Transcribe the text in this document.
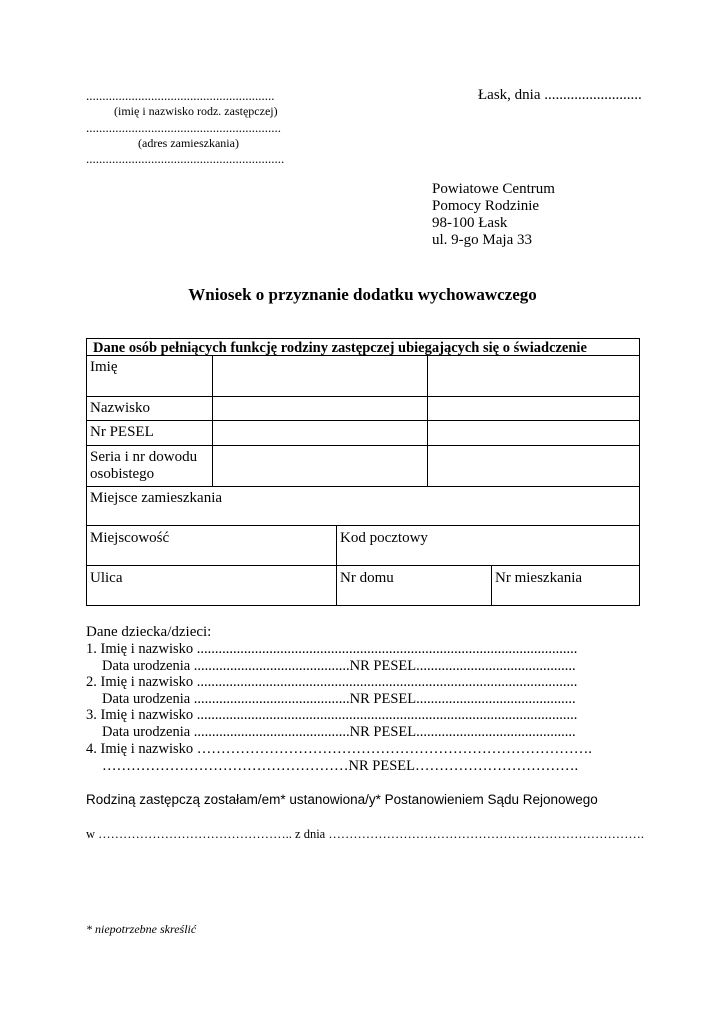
..........................................................
(imię i nazwisko rodz. zastępczej)
............................................................
(adres zamieszkania)
.............................................................
Łask, dnia ..........................
Powiatowe Centrum
Pomocy Rodzinie
98-100 Łask
ul. 9-go Maja 33
Wniosek o przyznanie dodatku wychowawczego
Dane osób pełniących funkcję rodziny zastępczej ubiegających się o świadczenie
Imię
Nazwisko
Nr PESEL
Seria i nr dowodu
osobistego
Miejsce zamieszkania
Miejscowość	Kod pocztowy
Ulica	Nr domu	Nr mieszkania
Dane dziecka/dzieci:
1. Imię i nazwisko .........................................................................................................
Data urodzenia ...........................................NR PESEL............................................
2. Imię i nazwisko .........................................................................................................
Data urodzenia ...........................................NR PESEL............................................
3. Imię i nazwisko .........................................................................................................
Data urodzenia ...........................................NR PESEL............................................
4. Imię i nazwisko ……………………………………………………………………….
……………………………………………NR PESEL…………………………….
Rodziną zastępczą zostałam/em* ustanowiona/y* Postanowieniem Sądu Rejonowego
w ……………………………………….. z dnia ………………………………………………………………….
* niepotrzebne skreślić
